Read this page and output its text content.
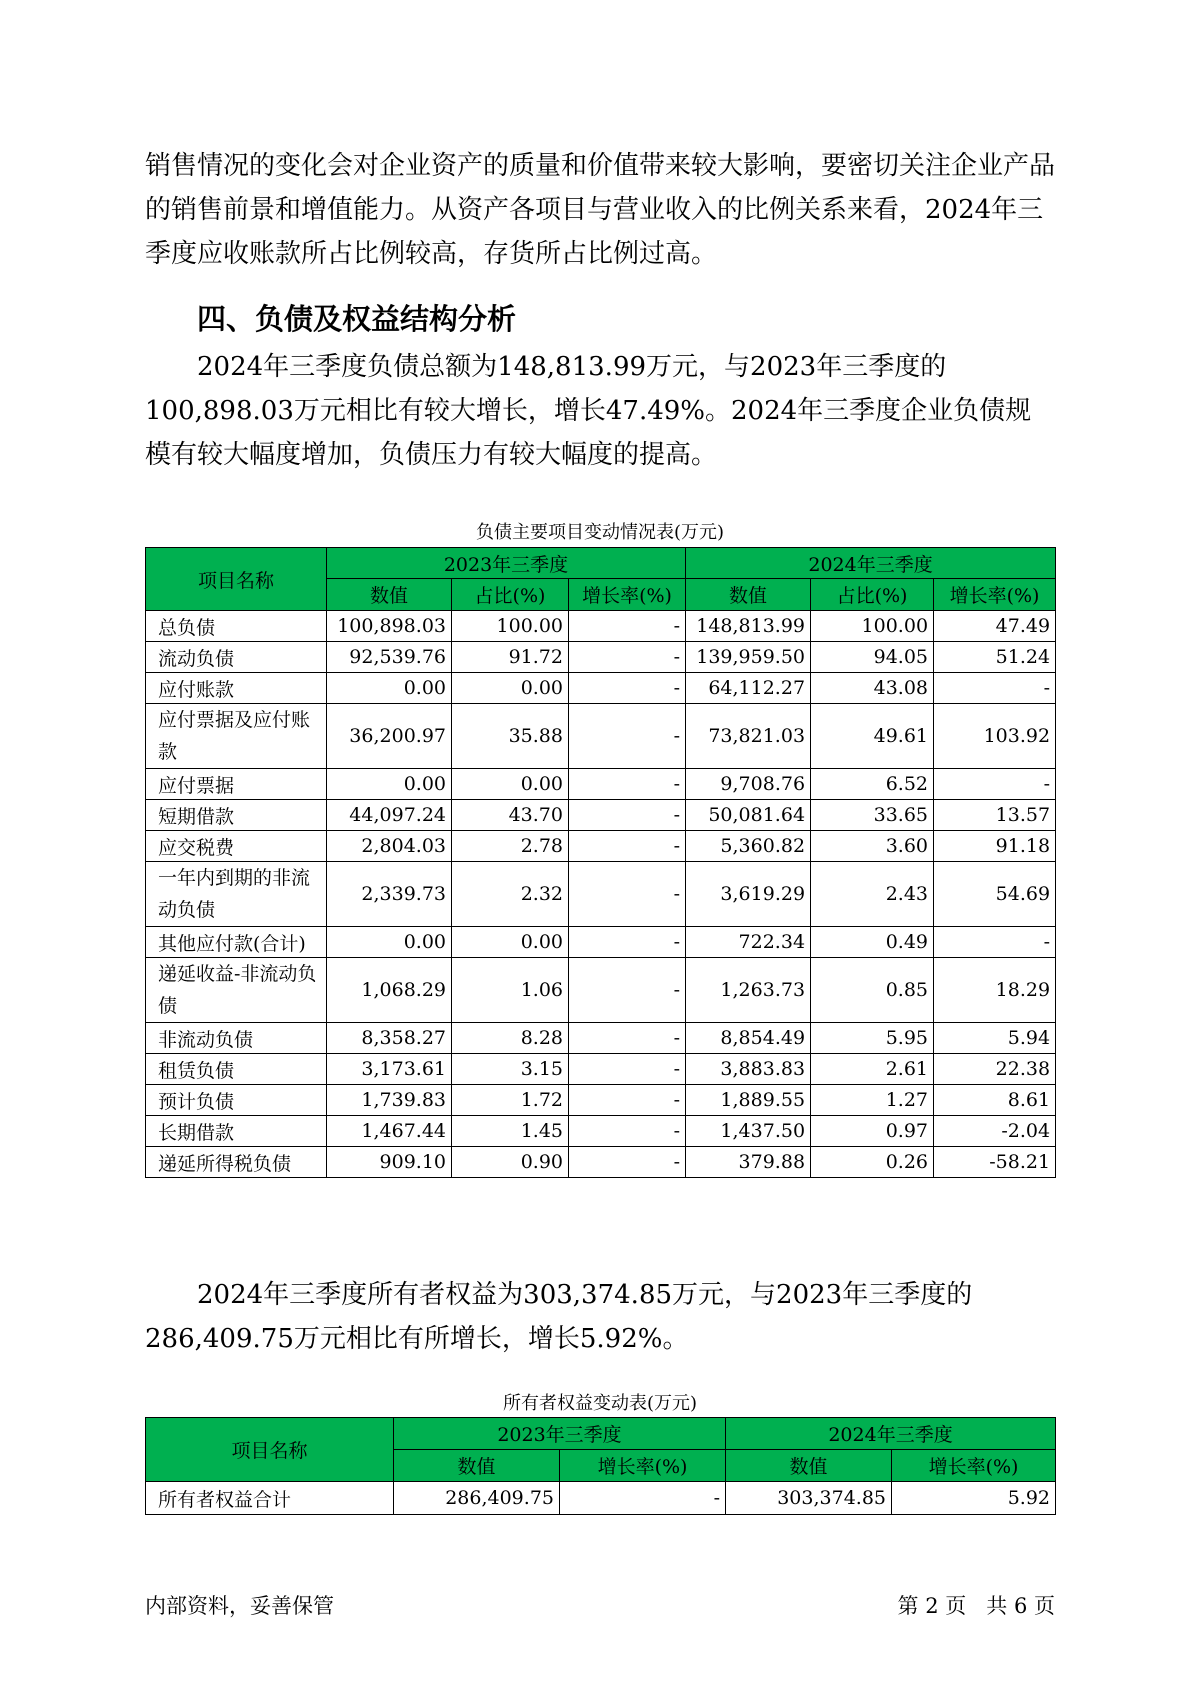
销售情况的变化会对企业资产的质量和价值带来较大影响，要密切关注企业产品的销售前景和增值能力。从资产各项目与营业收入的比例关系来看，2024年三季度应收账款所占比例较高，存货所占比例过高。

四、负债及权益结构分析

2024年三季度负债总额为148,813.99万元，与2023年三季度的100,898.03万元相比有较大增长，增长47.49%。2024年三季度企业负债规模有较大幅度增加，负债压力有较大幅度的提高。

负债主要项目变动情况表(万元)
项目名称	2023年三季度			2024年三季度		
	数值	占比(%)	增长率(%)	数值	占比(%)	增长率(%)
总负债	100,898.03	100.00	-	148,813.99	100.00	47.49
流动负债	92,539.76	91.72	-	139,959.50	94.05	51.24
应付账款	0.00	0.00	-	64,112.27	43.08	-
应付票据及应付账款	36,200.97	35.88	-	73,821.03	49.61	103.92
应付票据	0.00	0.00	-	9,708.76	6.52	-
短期借款	44,097.24	43.70	-	50,081.64	33.65	13.57
应交税费	2,804.03	2.78	-	5,360.82	3.60	91.18
一年内到期的非流动负债	2,339.73	2.32	-	3,619.29	2.43	54.69
其他应付款(合计)	0.00	0.00	-	722.34	0.49	-
递延收益-非流动负债	1,068.29	1.06	-	1,263.73	0.85	18.29
非流动负债	8,358.27	8.28	-	8,854.49	5.95	5.94
租赁负债	3,173.61	3.15	-	3,883.83	2.61	22.38
预计负债	1,739.83	1.72	-	1,889.55	1.27	8.61
长期借款	1,467.44	1.45	-	1,437.50	0.97	-2.04
递延所得税负债	909.10	0.90	-	379.88	0.26	-58.21

2024年三季度所有者权益为303,374.85万元，与2023年三季度的286,409.75万元相比有所增长，增长5.92%。

所有者权益变动表(万元)
项目名称	2023年三季度		2024年三季度	
	数值	增长率(%)	数值	增长率(%)
所有者权益合计	286,409.75	-	303,374.85	5.92
内部资料，妥善保管	第 2 页   共 6 页
